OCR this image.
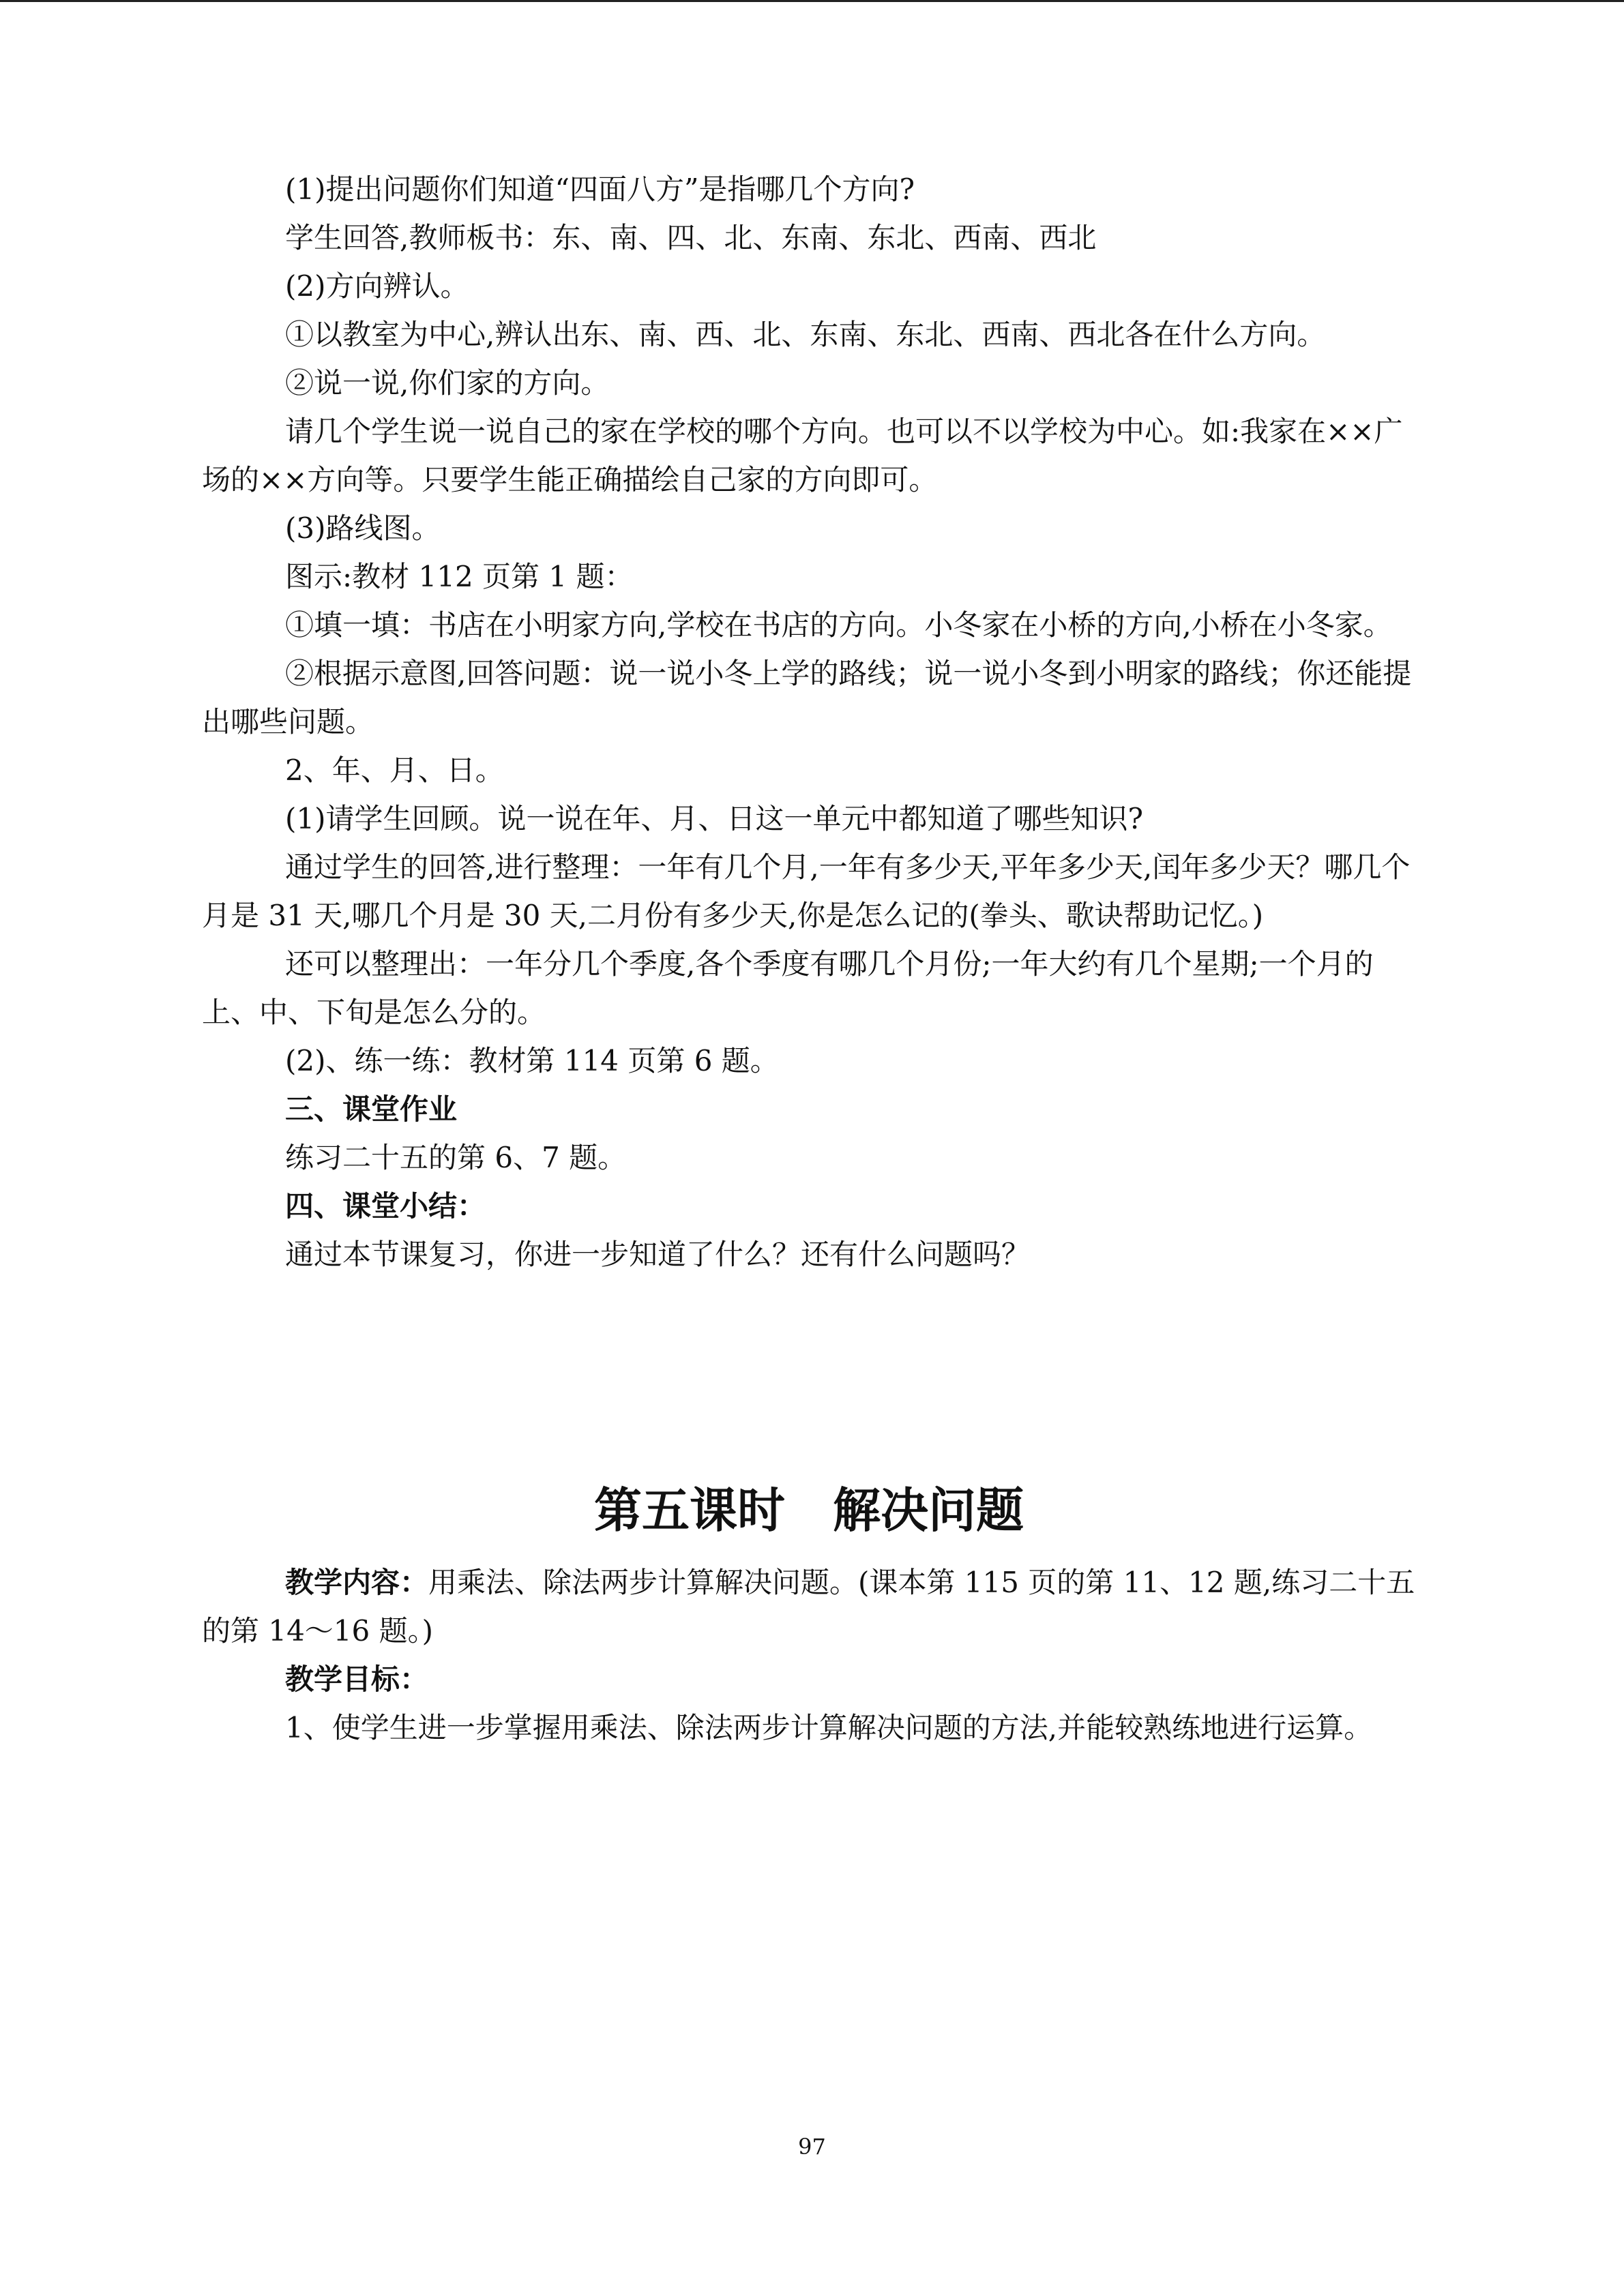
(1)提出问题你们知道“四面八方”是指哪几个方向?

学生回答,教师板书：东、南、四、北、东南、东北、西南、西北

(2)方向辨认。

①以教室为中心,辨认出东、南、西、北、东南、东北、西南、西北各在什么方向。

②说一说,你们家的方向。

请几个学生说一说自己的家在学校的哪个方向。也可以不以学校为中心。如:我家在××广场的××方向等。只要学生能正确描绘自己家的方向即可。

(3)路线图。

图示:教材 112 页第 1 题：

①填一填：书店在小明家方向,学校在书店的方向。小冬家在小桥的方向,小桥在小冬家。

②根据示意图,回答问题：说一说小冬上学的路线；说一说小冬到小明家的路线；你还能提出哪些问题。

2、年、月、日。

(1)请学生回顾。说一说在年、月、日这一单元中都知道了哪些知识?

通过学生的回答,进行整理：一年有几个月,一年有多少天,平年多少天,闰年多少天？哪几个月是 31 天,哪几个月是 30 天,二月份有多少天,你是怎么记的(拳头、歌诀帮助记忆。)

还可以整理出：一年分几个季度,各个季度有哪几个月份;一年大约有几个星期;一个月的上、中、下旬是怎么分的。

(2)、练一练：教材第 114 页第 6 题。

三、课堂作业

练习二十五的第 6、7 题。

四、课堂小结：

通过本节课复习，你进一步知道了什么？还有什么问题吗？

第五课时　解决问题

教学内容：用乘法、除法两步计算解决问题。(课本第 115 页的第 11、12 题,练习二十五的第 14～16 题。)

教学目标：

1、使学生进一步掌握用乘法、除法两步计算解决问题的方法,并能较熟练地进行运算。

97
